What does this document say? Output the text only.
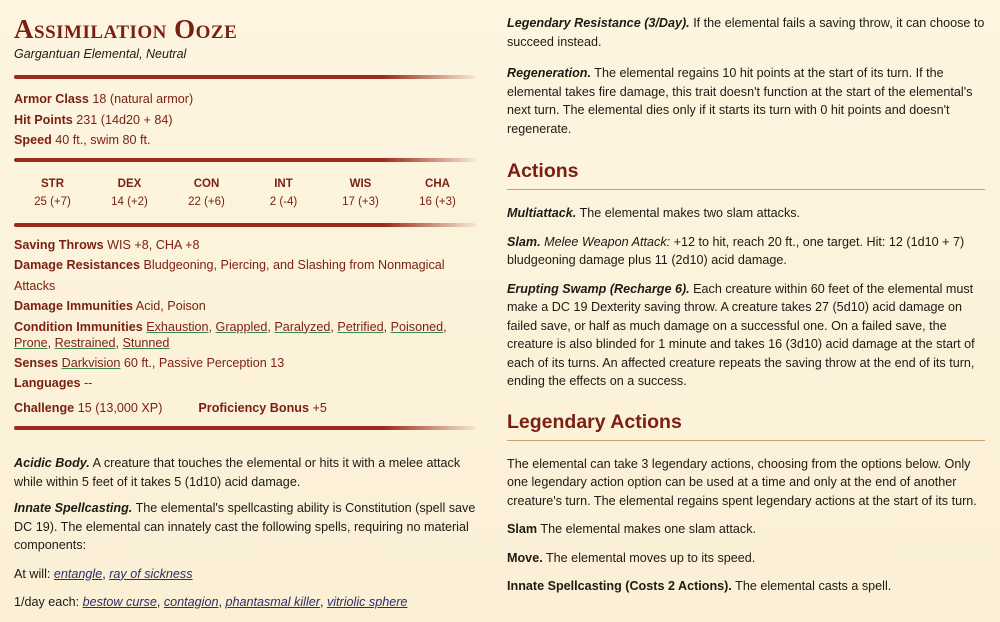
Assimilation Ooze
Gargantuan Elemental, Neutral
Armor Class 18 (natural armor)
Hit Points 231 (14d20 + 84)
Speed 40 ft., swim 80 ft.
STR
25 (+7)
DEX
14 (+2)
CON
22 (+6)
INT
2 (-4)
WIS
17 (+3)
CHA
16 (+3)
Saving Throws WIS +8, CHA +8
Damage Resistances Bludgeoning, Piercing, and Slashing from Nonmagical Attacks
Damage Immunities Acid, Poison
Condition Immunities Exhaustion, Grappled, Paralyzed, Petrified, Poisoned, Prone, Restrained, Stunned
Senses Darkvision 60 ft., Passive Perception 13
Languages --
Challenge 15 (13,000 XP)	Proficiency Bonus +5

Acidic Body. A creature that touches the elemental or hits it with a melee attack while within 5 feet of it takes 5 (1d10) acid damage.

Innate Spellcasting. The elemental's spellcasting ability is Constitution (spell save DC 19). The elemental can innately cast the following spells, requiring no material components:

At will: entangle, ray of sickness

1/day each: bestow curse, contagion, phantasmal killer, vitriolic sphere

Legendary Resistance (3/Day). If the elemental fails a saving throw, it can choose to succeed instead.

Regeneration. The elemental regains 10 hit points at the start of its turn. If the elemental takes fire damage, this trait doesn't function at the start of the elemental's next turn. The elemental dies only if it starts its turn with 0 hit points and doesn't regenerate.

Actions

Multiattack. The elemental makes two slam attacks.

Slam. Melee Weapon Attack: +12 to hit, reach 20 ft., one target. Hit: 12 (1d10 + 7) bludgeoning damage plus 11 (2d10) acid damage.

Erupting Swamp (Recharge 6). Each creature within 60 feet of the elemental must make a DC 19 Dexterity saving throw. A creature takes 27 (5d10) acid damage on failed save, or half as much damage on a successful one. On a failed save, the creature is also blinded for 1 minute and takes 16 (3d10) acid damage at the start of each of its turns. An affected creature repeats the saving throw at the end of its turn, ending the effects on a success.

Legendary Actions

The elemental can take 3 legendary actions, choosing from the options below. Only one legendary action option can be used at a time and only at the end of another creature's turn. The elemental regains spent legendary actions at the start of its turn.

Slam The elemental makes one slam attack.

Move. The elemental moves up to its speed.

Innate Spellcasting (Costs 2 Actions). The elemental casts a spell.
